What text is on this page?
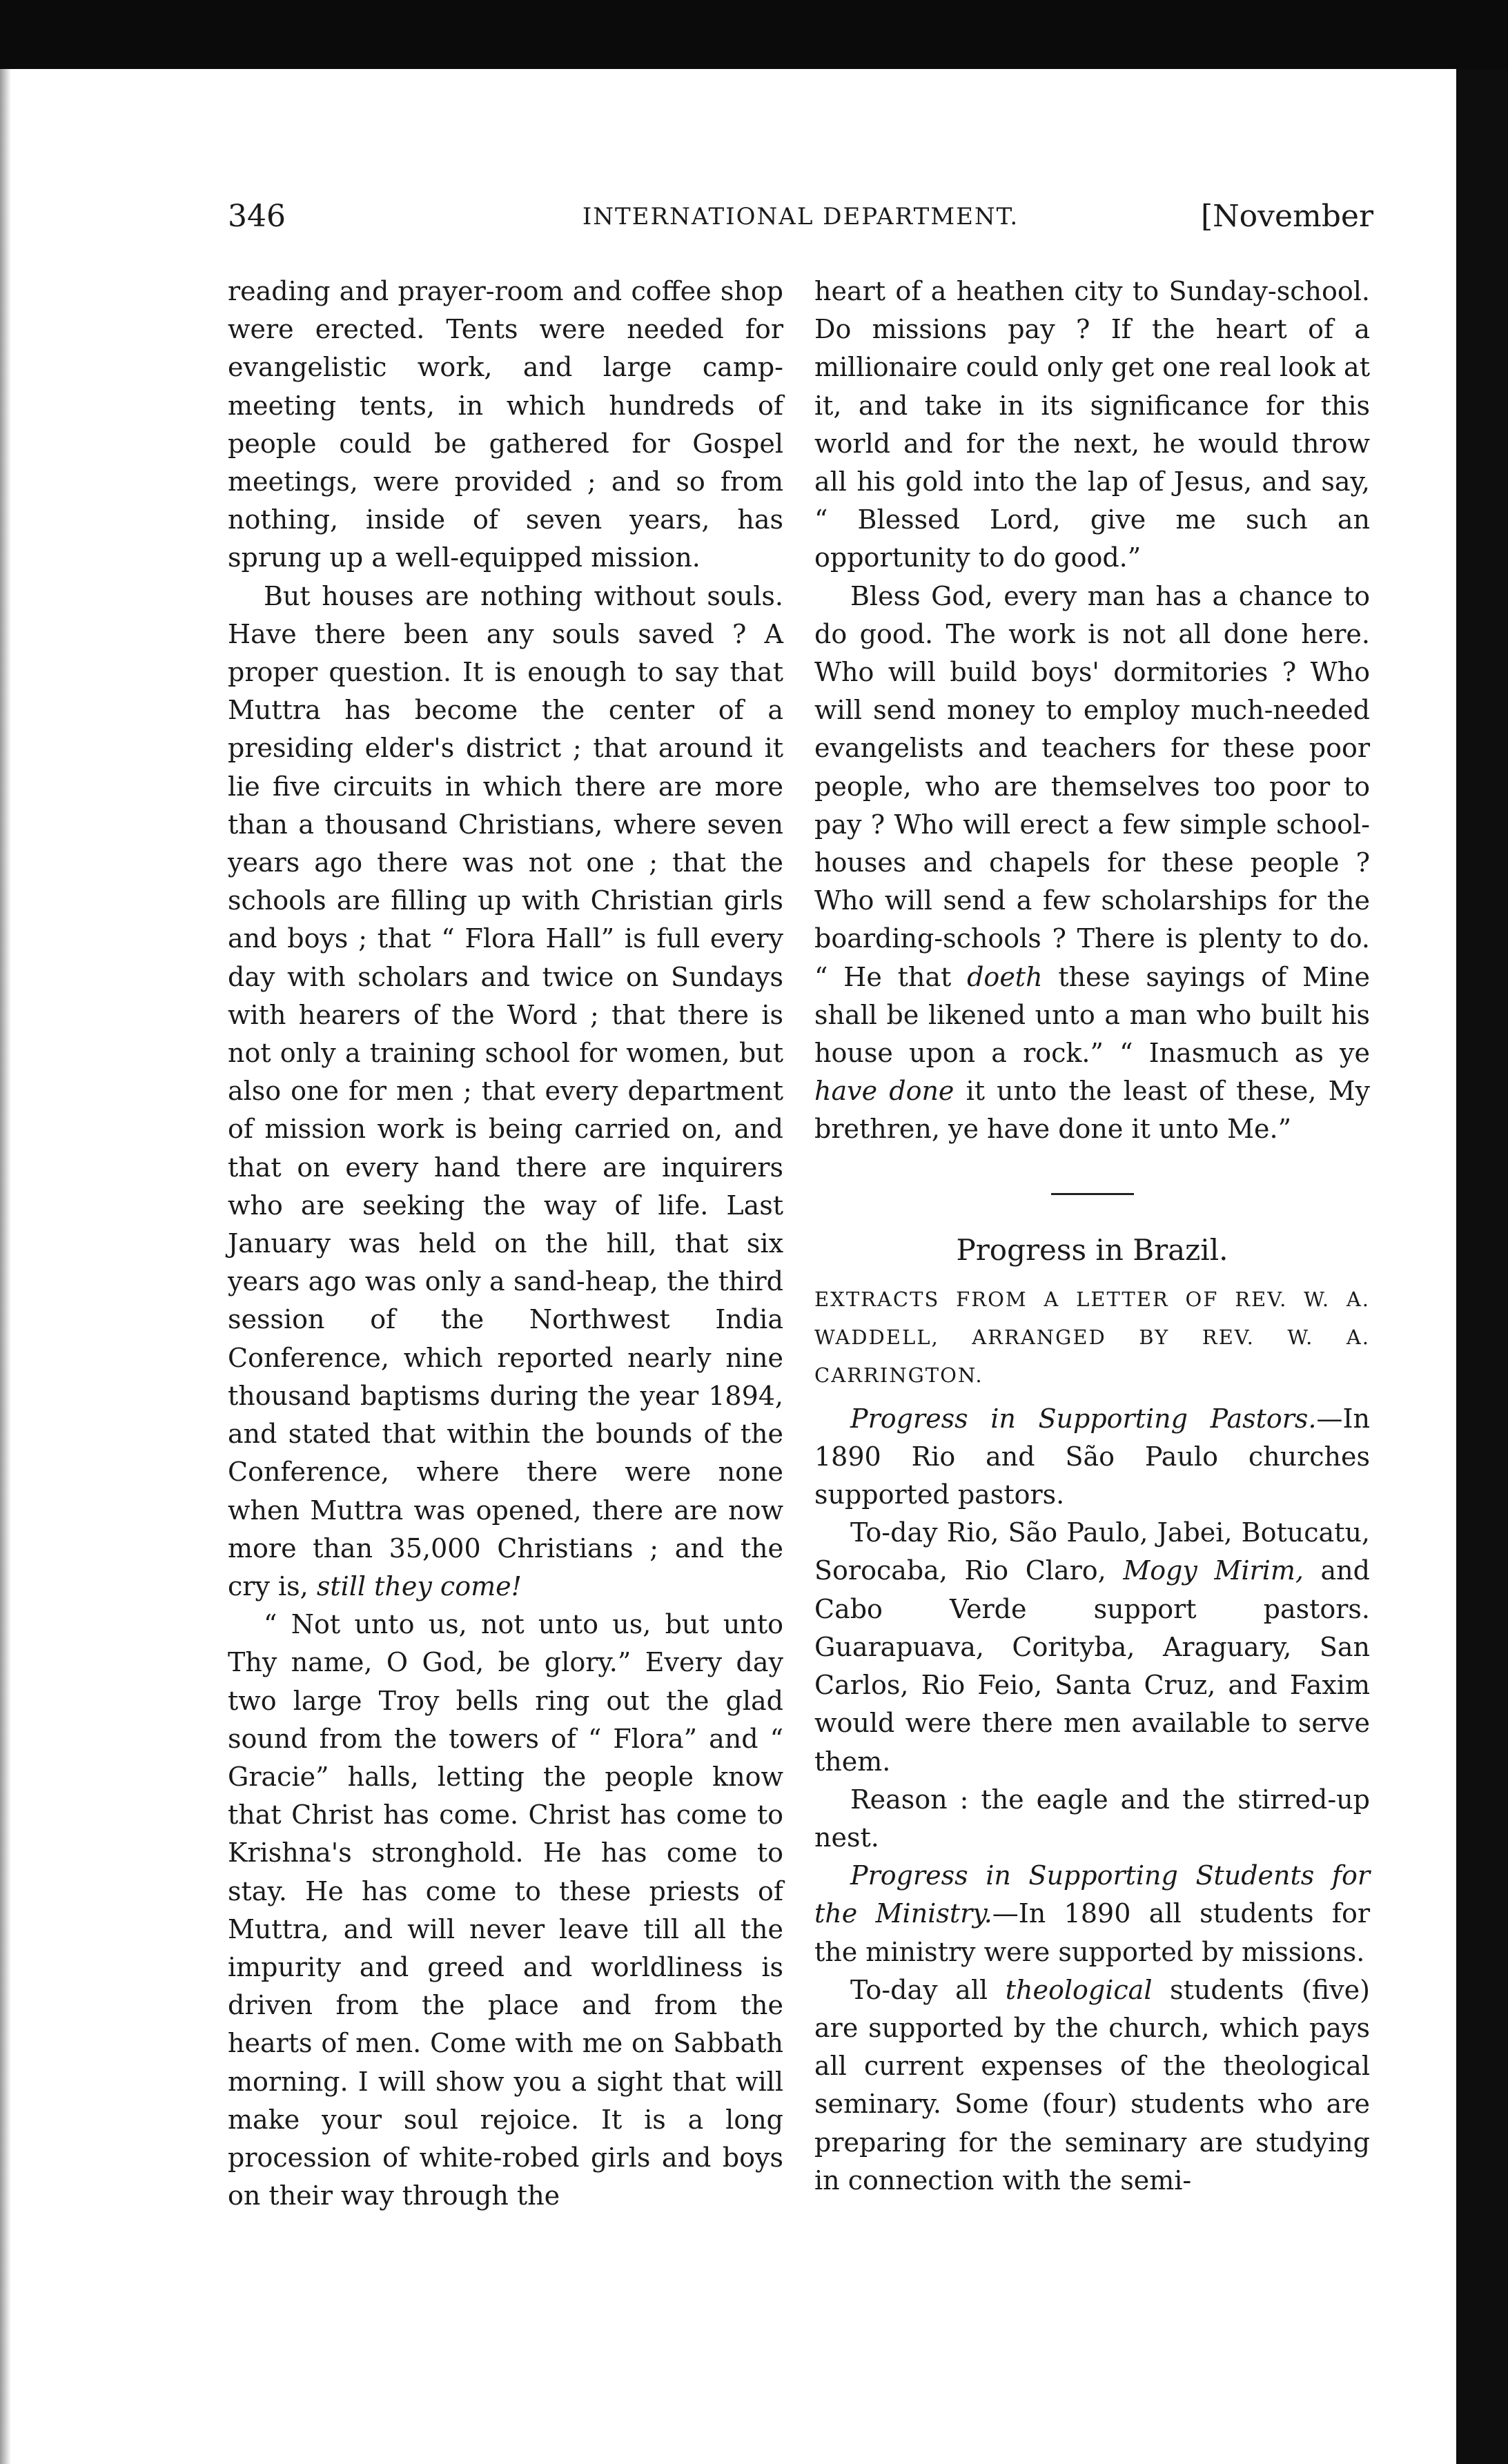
346	INTERNATIONAL DEPARTMENT.	[November

reading and prayer-room and coffee shop were erected. Tents were needed for evangelistic work, and large camp-meeting tents, in which hundreds of people could be gathered for Gospel meetings, were provided ; and so from nothing, inside of seven years, has sprung up a well-equipped mission.

But houses are nothing without souls. Have there been any souls saved ? A proper question. It is enough to say that Muttra has become the center of a presiding elder's district ; that around it lie five circuits in which there are more than a thousand Christians, where seven years ago there was not one ; that the schools are filling up with Christian girls and boys ; that “ Flora Hall” is full every day with scholars and twice on Sundays with hearers of the Word ; that there is not only a training school for women, but also one for men ; that every department of mission work is being carried on, and that on every hand there are inquirers who are seeking the way of life. Last January was held on the hill, that six years ago was only a sand-heap, the third session of the Northwest India Conference, which reported nearly nine thousand baptisms during the year 1894, and stated that within the bounds of the Conference, where there were none when Muttra was opened, there are now more than 35,000 Christians ; and the cry is, still they come!

“ Not unto us, not unto us, but unto Thy name, O God, be glory.” Every day two large Troy bells ring out the glad sound from the towers of “ Flora” and “ Gracie” halls, letting the people know that Christ has come. Christ has come to Krishna's stronghold. He has come to stay. He has come to these priests of Muttra, and will never leave till all the impurity and greed and worldliness is driven from the place and from the hearts of men. Come with me on Sabbath morning. I will show you a sight that will make your soul rejoice. It is a long procession of white-robed girls and boys on their way through the

heart of a heathen city to Sunday-school. Do missions pay ? If the heart of a millionaire could only get one real look at it, and take in its significance for this world and for the next, he would throw all his gold into the lap of Jesus, and say, “ Blessed Lord, give me such an opportunity to do good.”

Bless God, every man has a chance to do good. The work is not all done here. Who will build boys' dormitories ? Who will send money to employ much-needed evangelists and teachers for these poor people, who are themselves too poor to pay ? Who will erect a few simple school-houses and chapels for these people ? Who will send a few scholarships for the boarding-schools ? There is plenty to do. “ He that doeth these sayings of Mine shall be likened unto a man who built his house upon a rock.” “ Inasmuch as ye have done it unto the least of these, My brethren, ye have done it unto Me.”

Progress in Brazil.
EXTRACTS FROM A LETTER OF REV. W. A. WADDELL, ARRANGED BY REV. W. A. CARRINGTON.

Progress in Supporting Pastors.—In 1890 Rio and São Paulo churches supported pastors.

To-day Rio, São Paulo, Jabei, Botucatu, Sorocaba, Rio Claro, Mogy Mirim, and Cabo Verde support pastors. Guarapuava, Corityba, Araguary, San Carlos, Rio Feio, Santa Cruz, and Faxim would were there men available to serve them.

Reason : the eagle and the stirred-up nest.

Progress in Supporting Students for the Ministry.—In 1890 all students for the ministry were supported by missions.

To-day all theological students (five) are supported by the church, which pays all current expenses of the theological seminary. Some (four) students who are preparing for the seminary are studying in connection with the semi-
